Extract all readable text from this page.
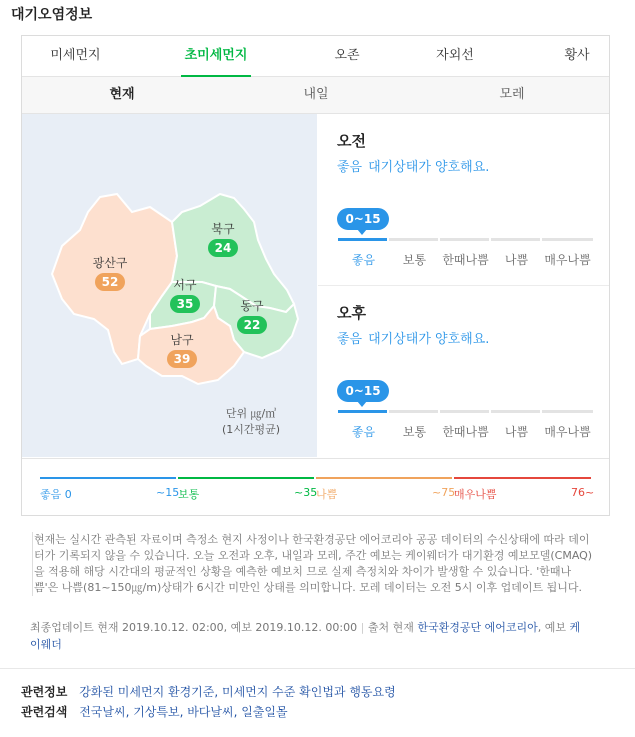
대기오염정보
미세먼지	초미세먼지	오존	자외선	황사
현재	내일	모레
광산구
52
북구
24
서구
35	동구
22
남구
39
단위 ㎍/㎥
(1시간평균)
오전
좋음 대기상태가 양호해요.
0~15
좋음	보통	한때나쁨	나쁨	매우나쁨
오후
좋음 대기상태가 양호해요.
0~15
좋음	보통	한때나쁨	나쁨	매우나쁨
좋음 0	~15
보통	~35
나쁨	~75
매우나쁨	76~
현재는 실시간 관측된 자료이며 측정소 현지 사정이나 한국환경공단 에어코리아 공공 데이터의 수신상태에 따라 데이터가 기록되지 않을 수 있습니다. 오늘 오전과 오후, 내일과 모레, 주간 예보는 케이웨더가 대기환경 예보모델(CMAQ)을 적용해 해당 시간대의 평균적인 상황을 예측한 예보치 므로 실제 측정치와 차이가 발생할 수 있습니다. '한때나쁨'은 나쁨(81~150㎍/m)상태가 6시간 미만인 상태를 의미합니다. 모레 데이터는 오전 5시 이후 업데이트 됩니다.
최종업데이트 현재 2019.10.12. 02:00, 예보 2019.10.12. 00:00 | 출처 현재 한국환경공단 에어코리아, 예보 케이웨더
관련정보 강화된 미세먼지 환경기준, 미세먼지 수준 확인법과 행동요령
관련검색 전국날씨, 기상특보, 바다날씨, 일출일몰
